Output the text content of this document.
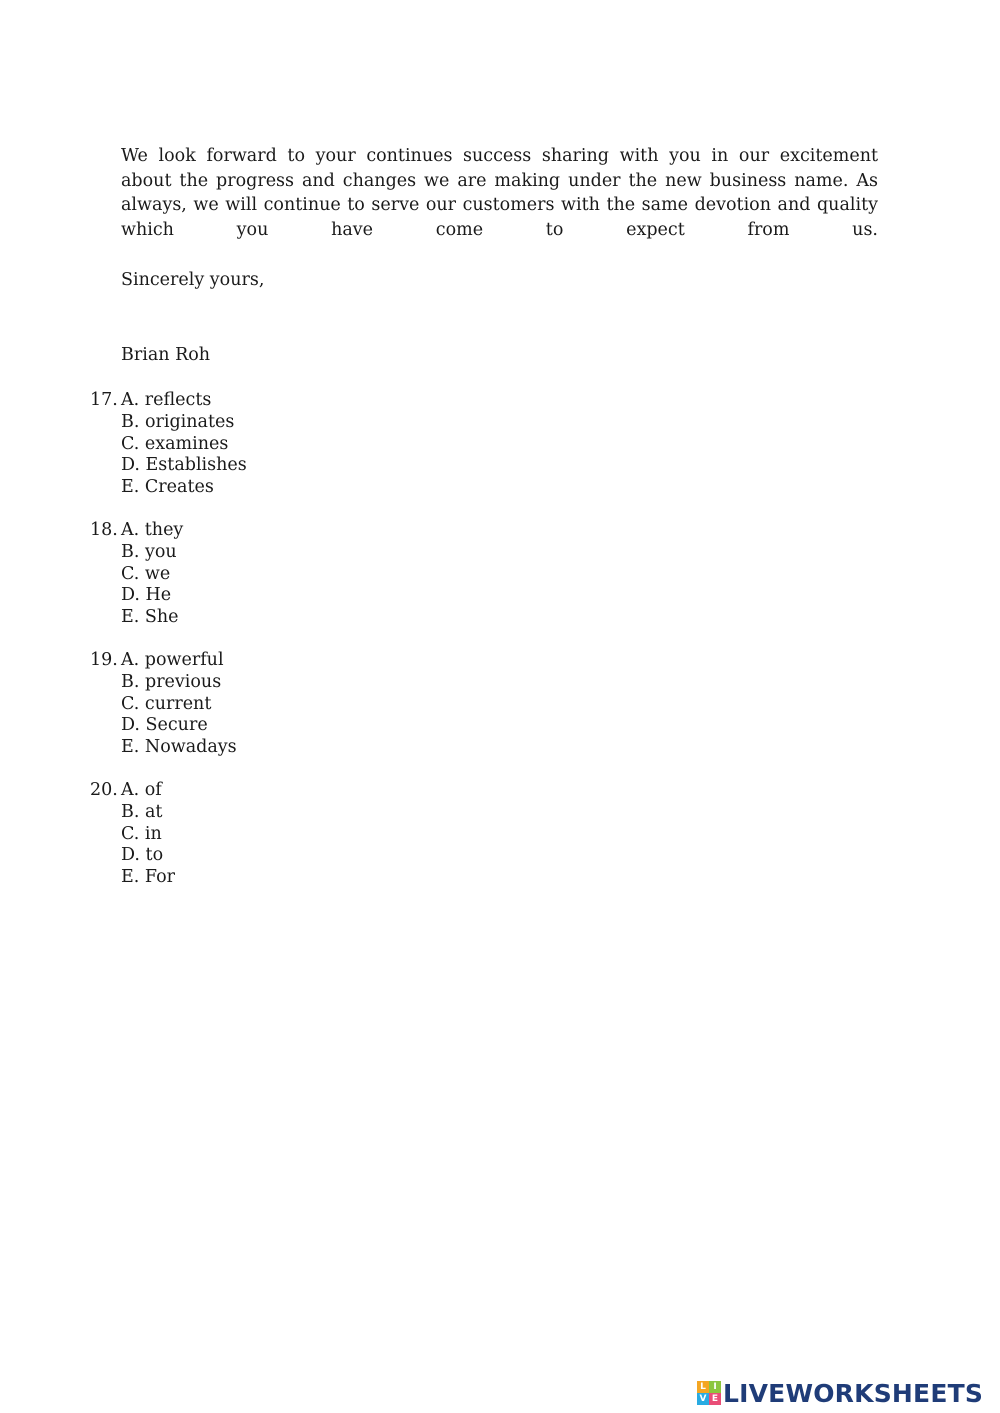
We look forward to your continues success sharing with you in our excitement
about the progress and changes we are making under the new business name. As
always, we will continue to serve our customers with the same devotion and quality
which you have come to expect from us.
Sincerely yours,
Brian Roh
17. A. reflects
B. originates
C. examines
D. Establishes
E. Creates
18. A. they
B. you
C. we
D. He
E. She
19. A. powerful
B. previous
C. current
D. Secure
E. Nowadays
20. A. of
B. at
C. in
D. to
E. For
L I
V E LIVEWORKSHEETS
